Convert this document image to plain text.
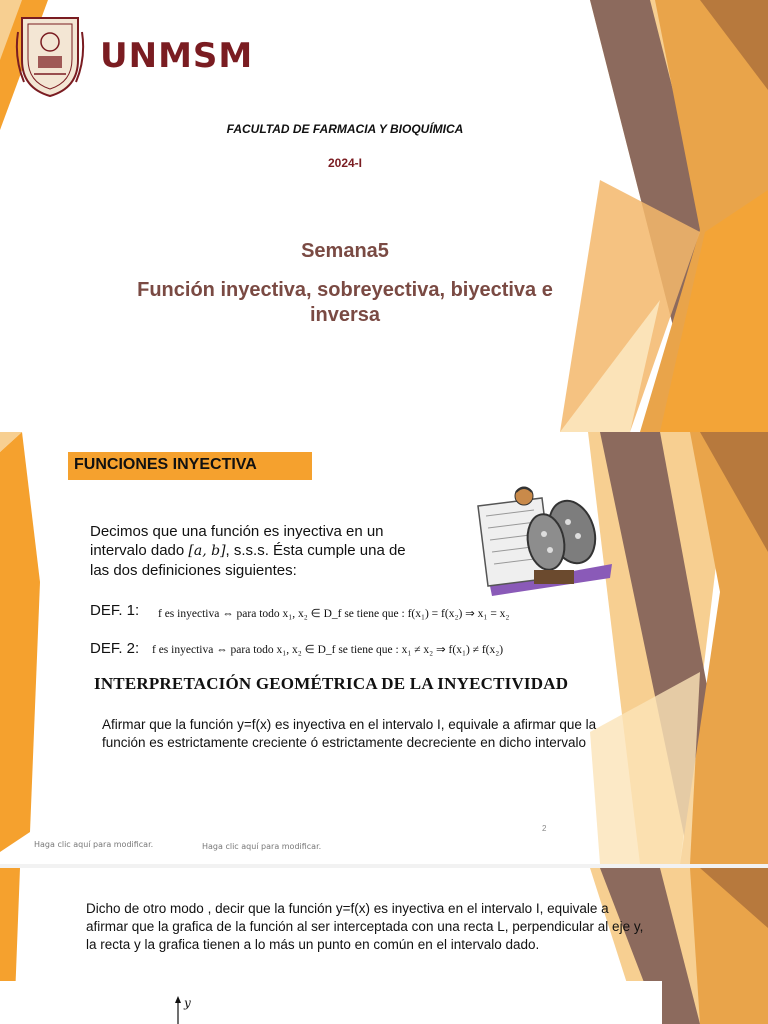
UNMSM
FACULTAD DE FARMACIA Y BIOQUÍMICA
2024-I
Semana5
Función inyectiva, sobreyectiva, biyectiva e inversa
FUNCIONES INYECTIVA
Decimos que una función es inyectiva en un intervalo dado [a, b], s.s.s. Ésta cumple una de las dos definiciones siguientes:
DEF. 1: f es inyectiva ⇔ para todo x₁, x₂ ∈ D_f se tiene que : f(x₁) = f(x₂) ⇒ x₁ = x₂
DEF. 2: f es inyectiva ⇔ para todo x₁, x₂ ∈ D_f se tiene que : x₁ ≠ x₂ ⇒ f(x₁) ≠ f(x₂)
INTERPRETACIÓN GEOMÉTRICA DE LA INYECTIVIDAD
Afirmar que la función y=f(x) es inyectiva en el intervalo I, equivale a afirmar que la función es estrictamente creciente ó estrictamente decreciente en dicho intervalo
Haga clic aquí para modificar.	Haga clic aquí para modificar.
2
Dicho de otro modo , decir que la función y=f(x) es inyectiva en el intervalo I, equivale a afirmar que la grafica de la función al ser interceptada con una recta L, perpendicular al eje y, la recta y la grafica tienen a lo más un punto en común en el intervalo dado.
y
